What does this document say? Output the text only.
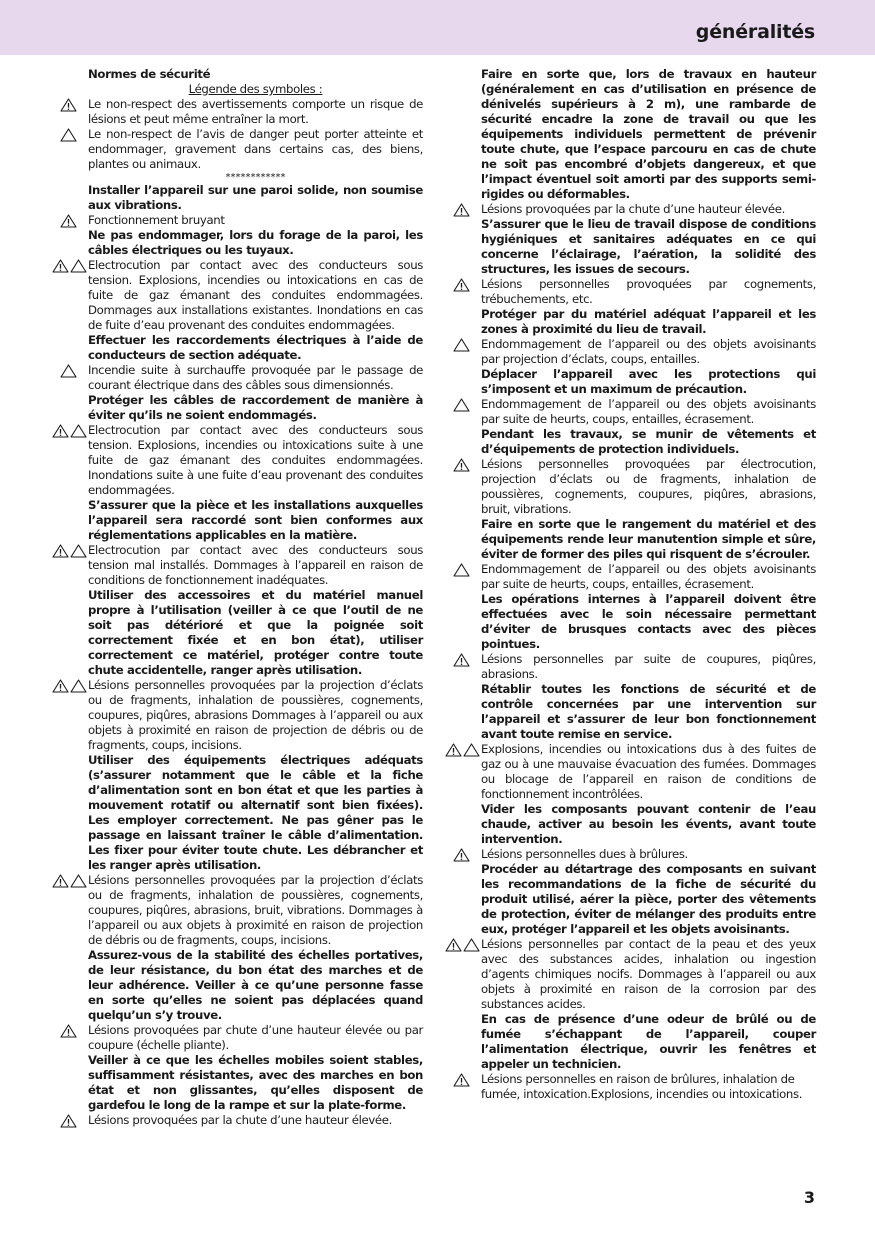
généralités

Normes de sécurité

Légende des symboles :

Le non-respect des avertissements comporte un risque de lésions et peut même entraîner la mort.

Le non-respect de l’avis de danger peut porter atteinte et endommager, gravement dans certains cas, des biens, plantes ou animaux.

************

Installer l’appareil sur une paroi solide, non soumise aux vibrations.

Fonctionnement bruyant

Ne pas endommager, lors du forage de la paroi, les câbles électriques ou les tuyaux.

Electrocution par contact avec des conducteurs sous tension. Explosions, incendies ou intoxications en cas de fuite de gaz émanant des conduites endommagées. Dommages aux installations existantes. Inondations en cas de fuite d’eau provenant des conduites endommagées.

Effectuer les raccordements électriques à l’aide de conducteurs de section adéquate.

Incendie suite à surchauffe provoquée par le passage de courant électrique dans des câbles sous dimensionnés.

Protéger les câbles de raccordement de manière à éviter qu’ils ne soient endommagés.

Electrocution par contact avec des conducteurs sous tension. Explosions, incendies ou intoxications suite à une fuite de gaz émanant des conduites endommagées. Inondations suite à une fuite d’eau provenant des conduites endommagées.

S’assurer que la pièce et les installations auxquelles l’appareil sera raccordé sont bien conformes aux réglementations applicables en la matière.

Electrocution par contact avec des conducteurs sous tension mal installés. Dommages à l’appareil en raison de conditions de fonctionnement inadéquates.

Utiliser des accessoires et du matériel manuel propre à l’utilisation (veiller à ce que l’outil de ne soit pas détérioré et que la poignée soit correctement fixée et en bon état), utiliser correctement ce matériel, protéger contre toute chute accidentelle, ranger après utilisation.

Lésions personnelles provoquées par la projection d’éclats ou de fragments, inhalation de poussières, cognements, coupures, piqûres, abrasions Dommages à l’appareil ou aux objets à proximité en raison de projection de débris ou de fragments, coups, incisions.

Utiliser des équipements électriques adéquats (s’assurer notamment que le câble et la fiche d’alimentation sont en bon état et que les parties à mouvement rotatif ou alternatif sont bien fixées). Les employer correctement. Ne pas gêner pas le passage en laissant traîner le câble d’alimentation. Les fixer pour éviter toute chute. Les débrancher et les ranger après utilisation.

Lésions personnelles provoquées par la projection d’éclats ou de fragments, inhalation de poussières, cognements, coupures, piqûres, abrasions, bruit, vibrations. Dommages à l’appareil ou aux objets à proximité en raison de projection de débris ou de fragments, coups, incisions.

Assurez-vous de la stabilité des échelles portatives, de leur résistance, du bon état des marches et de leur adhérence. Veiller à ce qu’une personne fasse en sorte qu’elles ne soient pas déplacées quand quelqu’un s’y trouve.

Lésions provoquées par chute d’une hauteur élevée ou par coupure (échelle pliante).

Veiller à ce que les échelles mobiles soient stables, suffisamment résistantes, avec des marches en bon état et non glissantes, qu’elles disposent de gardefou le long de la rampe et sur la plate-forme.

Lésions provoquées par la chute d’une hauteur élevée.

Faire en sorte que, lors de travaux en hauteur (généralement en cas d’utilisation en présence de dénivelés supérieurs à 2 m), une rambarde de sécurité encadre la zone de travail ou que les équipements individuels permettent de prévenir toute chute, que l’espace parcouru en cas de chute ne soit pas encombré d’objets dangereux, et que l’impact éventuel soit amorti par des supports semi-rigides ou déformables.

Lésions provoquées par la chute d’une hauteur élevée.

S’assurer que le lieu de travail dispose de conditions hygiéniques et sanitaires adéquates en ce qui concerne l’éclairage, l’aération, la solidité des structures, les issues de secours.

Lésions personnelles provoquées par cognements, trébuchements, etc.

Protéger par du matériel adéquat l’appareil et les zones à proximité du lieu de travail.

Endommagement de l’appareil ou des objets avoisinants par projection d’éclats, coups, entailles.

Déplacer l’appareil avec les protections qui s’imposent et un maximum de précaution.

Endommagement de l’appareil ou des objets avoisinants par suite de heurts, coups, entailles, écrasement.

Pendant les travaux, se munir de vêtements et d’équipements de protection individuels.

Lésions personnelles provoquées par électrocution, projection d’éclats ou de fragments, inhalation de poussières, cognements, coupures, piqûres, abrasions, bruit, vibrations.

Faire en sorte que le rangement du matériel et des équipements rende leur manutention simple et sûre, éviter de former des piles qui risquent de s’écrouler.

Endommagement de l’appareil ou des objets avoisinants par suite de heurts, coups, entailles, écrasement.

Les opérations internes à l’appareil doivent être effectuées avec le soin nécessaire permettant d’éviter de brusques contacts avec des pièces pointues.

Lésions personnelles par suite de coupures, piqûres, abrasions.

Rétablir toutes les fonctions de sécurité et de contrôle concernées par une intervention sur l’appareil et s’assurer de leur bon fonctionnement avant toute remise en service.

Explosions, incendies ou intoxications dus à des fuites de gaz ou à une mauvaise évacuation des fumées. Dommages ou blocage de l’appareil en raison de conditions de fonctionnement incontrôlées.

Vider les composants pouvant contenir de l’eau chaude, activer au besoin les évents, avant toute intervention.

Lésions personnelles dues à brûlures.

Procéder au détartrage des composants en suivant les recommandations de la fiche de sécurité du produit utilisé, aérer la pièce, porter des vêtements de protection, éviter de mélanger des produits entre eux, protéger l’appareil et les objets avoisinants.

Lésions personnelles par contact de la peau et des yeux avec des substances acides, inhalation ou ingestion d’agents chimiques nocifs. Dommages à l’appareil ou aux objets à proximité en raison de la corrosion par des substances acides.

En cas de présence d’une odeur de brûlé ou de fumée s’échappant de l’appareil, couper l’alimentation électrique, ouvrir les fenêtres et appeler un technicien.

Lésions personnelles en raison de brûlures, inhalation de fumée, intoxication.Explosions, incendies ou intoxications.

3
